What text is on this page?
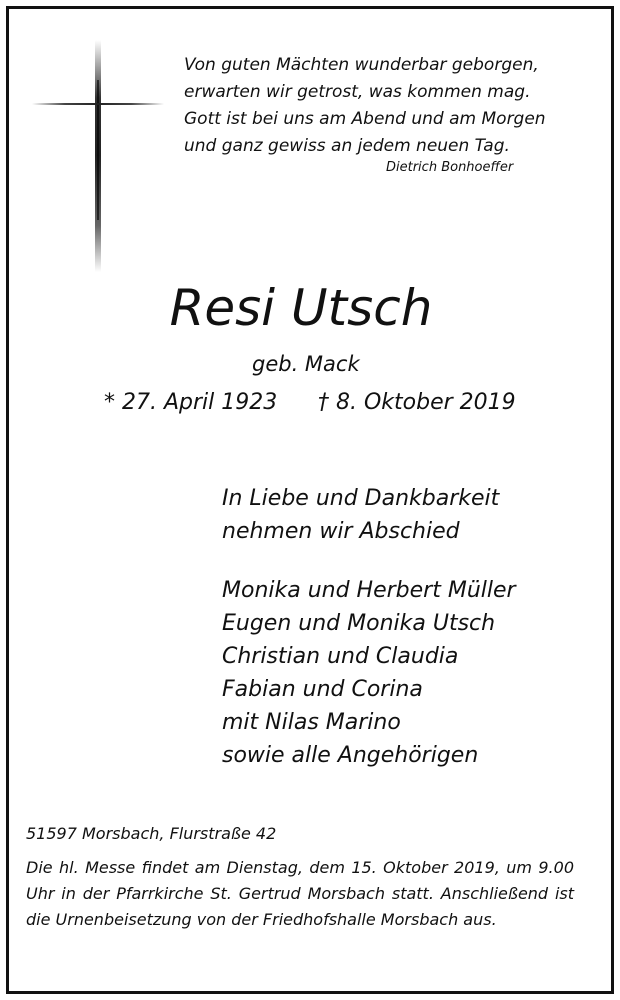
Von guten Mächten wunderbar geborgen,
erwarten wir getrost, was kommen mag.
Gott ist bei uns am Abend und am Morgen
und ganz gewiss an jedem neuen Tag.
Dietrich Bonhoeffer
Resi Utsch
geb. Mack
* 27. April 1923 † 8. Oktober 2019
In Liebe und Dankbarkeit
nehmen wir Abschied
Monika und Herbert Müller
Eugen und Monika Utsch
Christian und Claudia
Fabian und Corina
mit Nilas Marino
sowie alle Angehörigen
51597 Morsbach, Flurstraße 42
Die hl. Messe findet am Dienstag, dem 15. Oktober 2019, um 9.00 Uhr in der Pfarrkirche St. Gertrud Morsbach statt. Anschließend ist die Urnenbeisetzung von der Friedhofshalle Morsbach aus.
